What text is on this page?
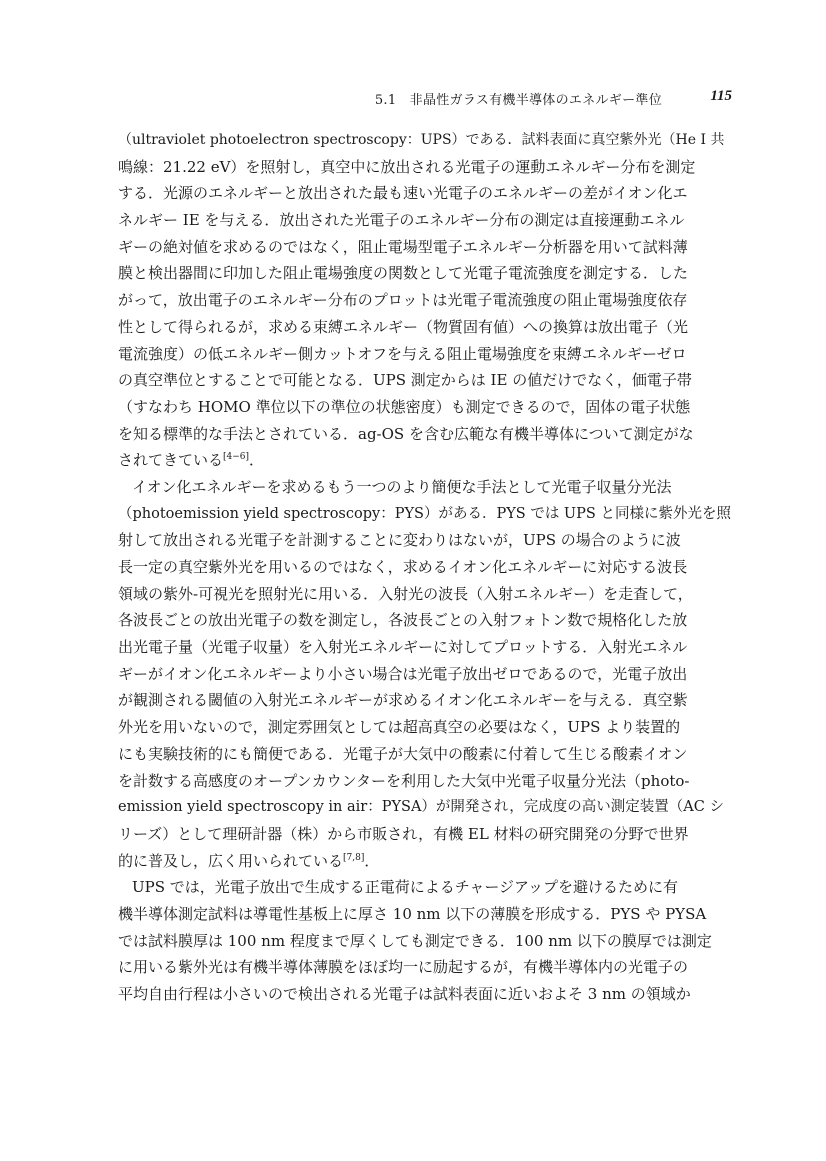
5.1　非晶性ガラス有機半導体のエネルギー準位	115
（ultraviolet photoelectron spectroscopy：UPS）である．試料表面に真空紫外光（He I 共
鳴線：21.22 eV）を照射し，真空中に放出される光電子の運動エネルギー分布を測定
する．光源のエネルギーと放出された最も速い光電子のエネルギーの差がイオン化エ
ネルギー IE を与える．放出された光電子のエネルギー分布の測定は直接運動エネル
ギーの絶対値を求めるのではなく，阻止電場型電子エネルギー分析器を用いて試料薄
膜と検出器間に印加した阻止電場強度の関数として光電子電流強度を測定する．した
がって，放出電子のエネルギー分布のプロットは光電子電流強度の阻止電場強度依存
性として得られるが，求める束縛エネルギー（物質固有値）への換算は放出電子（光
電流強度）の低エネルギー側カットオフを与える阻止電場強度を束縛エネルギーゼロ
の真空準位とすることで可能となる．UPS 測定からは IE の値だけでなく，価電子帯
（すなわち HOMO 準位以下の準位の状態密度）も測定できるので，固体の電子状態
を知る標準的な手法とされている．ag-OS を含む広範な有機半導体について測定がな
されてきている[4−6]．
イオン化エネルギーを求めるもう一つのより簡便な手法として光電子収量分光法
（photoemission yield spectroscopy：PYS）がある．PYS では UPS と同様に紫外光を照
射して放出される光電子を計測することに変わりはないが，UPS の場合のように波
長一定の真空紫外光を用いるのではなく，求めるイオン化エネルギーに対応する波長
領域の紫外-可視光を照射光に用いる．入射光の波長（入射エネルギー）を走査して，
各波長ごとの放出光電子の数を測定し，各波長ごとの入射フォトン数で規格化した放
出光電子量（光電子収量）を入射光エネルギーに対してプロットする．入射光エネル
ギーがイオン化エネルギーより小さい場合は光電子放出ゼロであるので，光電子放出
が観測される閾値の入射光エネルギーが求めるイオン化エネルギーを与える．真空紫
外光を用いないので，測定雰囲気としては超高真空の必要はなく，UPS より装置的
にも実験技術的にも簡便である．光電子が大気中の酸素に付着して生じる酸素イオン
を計数する高感度のオープンカウンターを利用した大気中光電子収量分光法（photo-
emission yield spectroscopy in air：PYSA）が開発され，完成度の高い測定装置（AC シ
リーズ）として理研計器（株）から市販され，有機 EL 材料の研究開発の分野で世界
的に普及し，広く用いられている[7,8]．
UPS では，光電子放出で生成する正電荷によるチャージアップを避けるために有
機半導体測定試料は導電性基板上に厚さ 10 nm 以下の薄膜を形成する．PYS や PYSA
では試料膜厚は 100 nm 程度まで厚くしても測定できる．100 nm 以下の膜厚では測定
に用いる紫外光は有機半導体薄膜をほぼ均一に励起するが，有機半導体内の光電子の
平均自由行程は小さいので検出される光電子は試料表面に近いおよそ 3 nm の領域か
